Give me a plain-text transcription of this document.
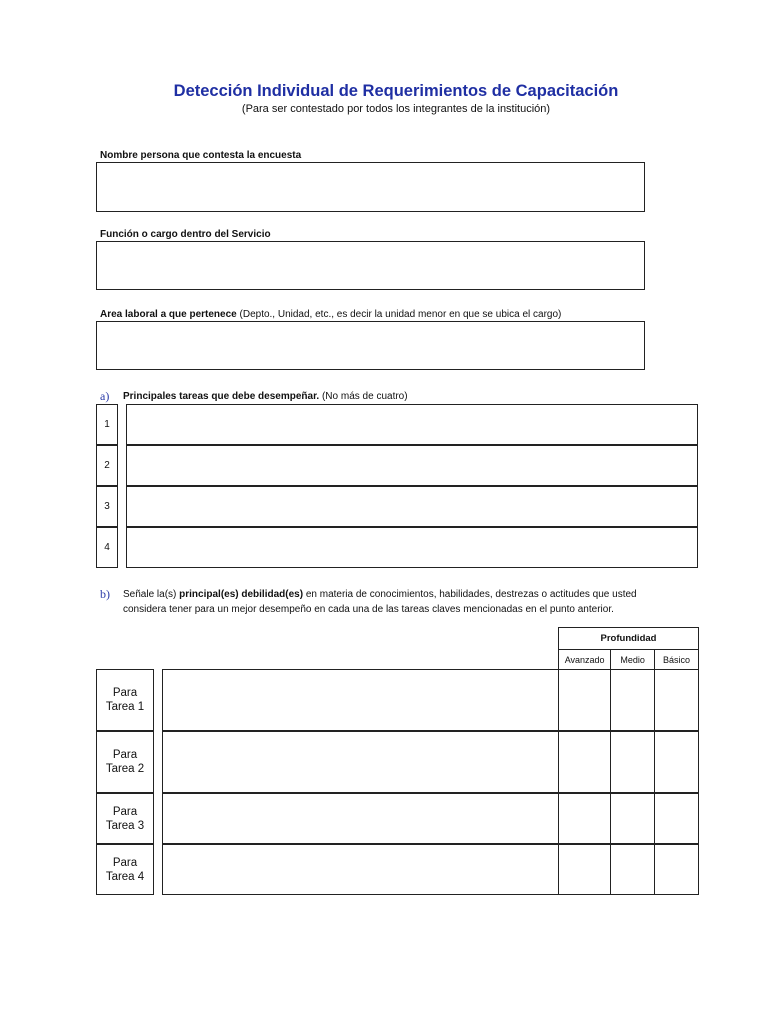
Detección Individual de Requerimientos de Capacitación
(Para ser contestado por todos los integrantes de la institución)
Nombre persona que contesta la encuesta
Función o cargo dentro del Servicio
Area laboral a que pertenece (Depto., Unidad, etc., es decir la unidad menor en que se ubica el cargo)
a) Principales tareas que debe desempeñar. (No más de cuatro)
1
2
3
4
b) Señale la(s) principal(es) debilidad(es) en materia de conocimientos, habilidades, destrezas o actitudes que usted
considera tener para un mejor desempeño en cada una de las tareas claves mencionadas en el punto anterior.
Profundidad
Avanzado	Medio	Básico
Para
Tarea 1
Para
Tarea 2
Para
Tarea 3
Para
Tarea 4
